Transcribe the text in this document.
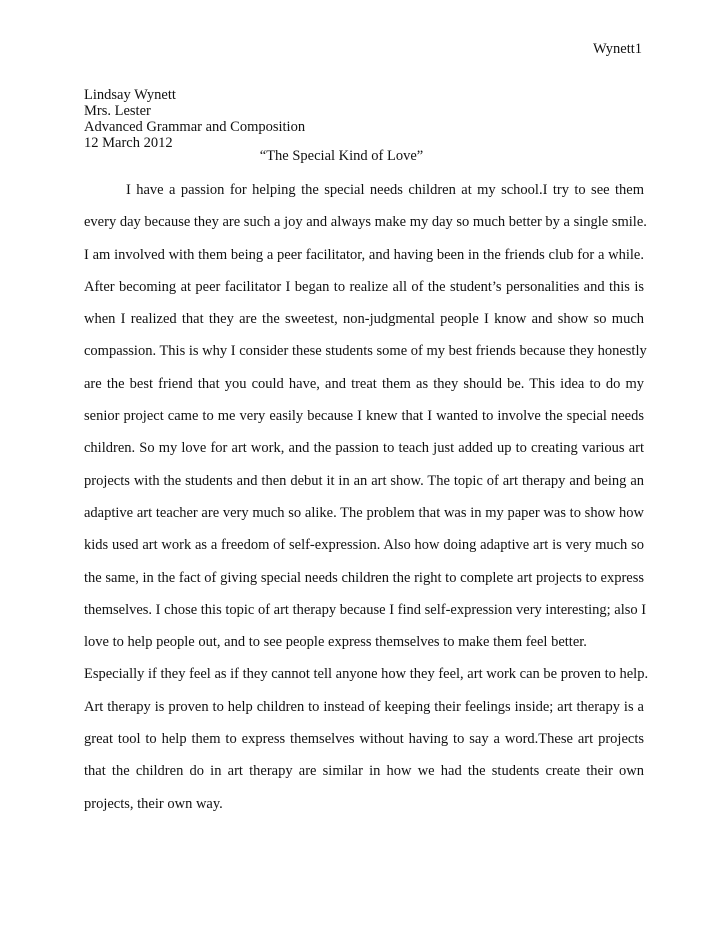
Wynett1
Lindsay Wynett
Mrs. Lester
Advanced Grammar and Composition
12 March 2012
“The Special Kind of Love”
I have a passion for helping the special needs children at my school.I try to see them
every day because they are such a joy and always make my day so much better by a single smile.
I am involved with them being a peer facilitator, and having been in the friends club for a while.
After becoming at peer facilitator I began to realize all of the student’s personalities and this is
when I realized that they are the sweetest, non-judgmental people I know and show so much
compassion. This is why I consider these students some of my best friends because they honestly
are the best friend that you could have, and treat them as they should be. This idea to do my
senior project came to me very easily because I knew that I wanted to involve the special needs
children. So my love for art work, and the passion to teach just added up to creating various art
projects with the students and then debut it in an art show. The topic of art therapy and being an
adaptive art teacher are very much so alike. The problem that was in my paper was to show how
kids used art work as a freedom of self-expression. Also how doing adaptive art is very much so
the same, in the fact of giving special needs children the right to complete art projects to express
themselves. I chose this topic of art therapy because I find self-expression very interesting; also I
love to help people out, and to see people express themselves to make them feel better.
Especially if they feel as if they cannot tell anyone how they feel, art work can be proven to help.
Art therapy is proven to help children to instead of keeping their feelings inside; art therapy is a
great tool to help them to express themselves without having to say a word.These art projects
that the children do in art therapy are similar in how we had the students create their own
projects, their own way.
